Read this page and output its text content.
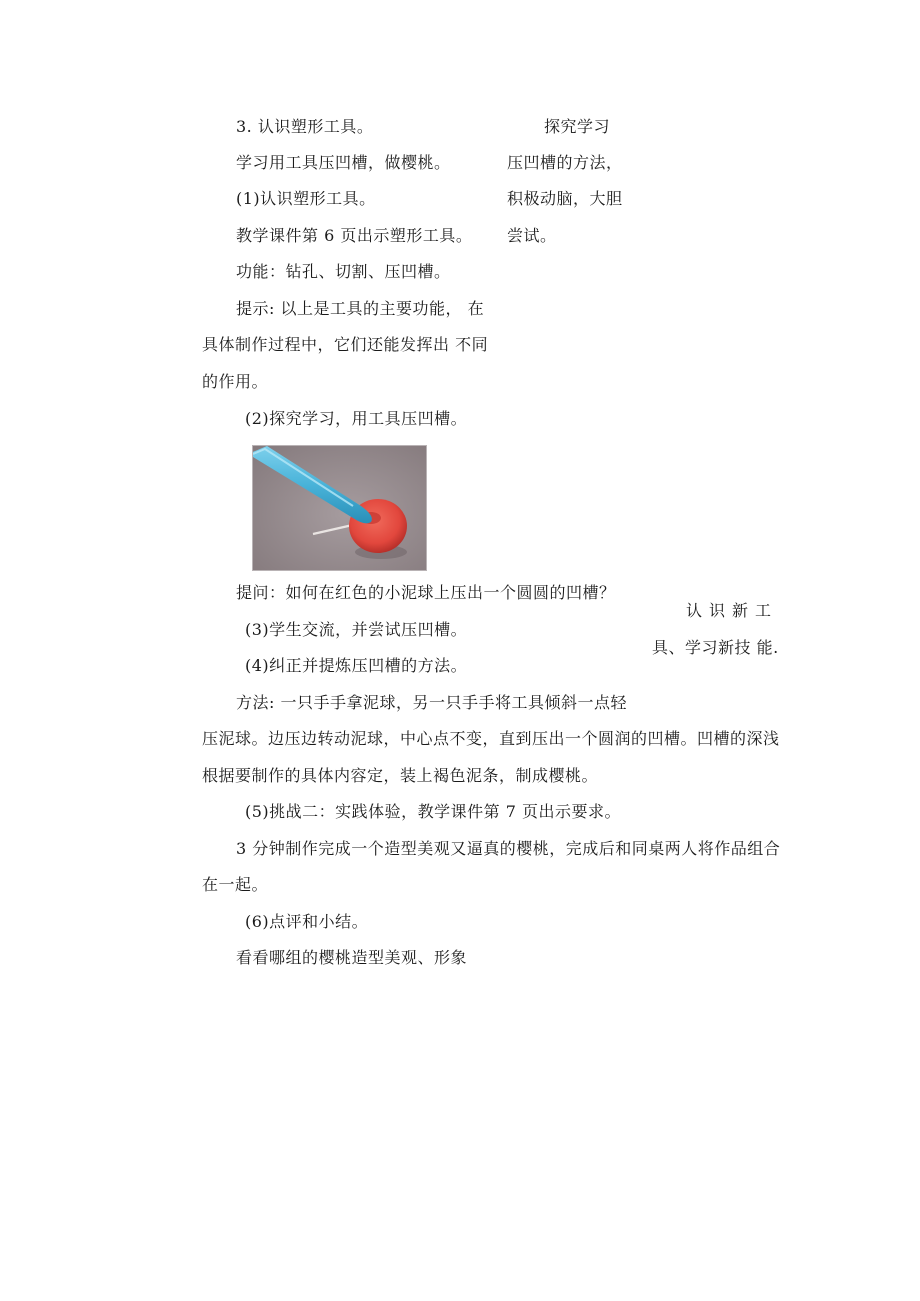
3. 认识塑形工具。
学习用工具压凹槽，做樱桃。
(1)认识塑形工具。
教学课件第 6 页出示塑形工具。
功能：钻孔、切割、压凹槽。
提示: 以上是工具的主要功能， 在
具体制作过程中，它们还能发挥出 不同
的作用。
(2)探究学习，用工具压凹槽。
提问：如何在红色的小泥球上压出一个圆圆的凹槽？
(3)学生交流，并尝试压凹槽。
(4)纠正并提炼压凹槽的方法。
方法: 一只手手拿泥球，另一只手手将工具倾斜一点轻
压泥球。边压边转动泥球，中心点不变，直到压出一个圆润的凹槽。凹槽的深浅
根据要制作的具体内容定，装上褐色泥条，制成樱桃。
(5)挑战二：实践体验，教学课件第 7 页出示要求。
3 分钟制作完成一个造型美观又逼真的樱桃，完成后和同桌两人将作品组合
在一起。
(6)点评和小结。
看看哪组的樱桃造型美观、形象
探究学习
压凹槽的方法，
积极动脑，大胆
尝试。
认识新工
具、学习新技 能.
